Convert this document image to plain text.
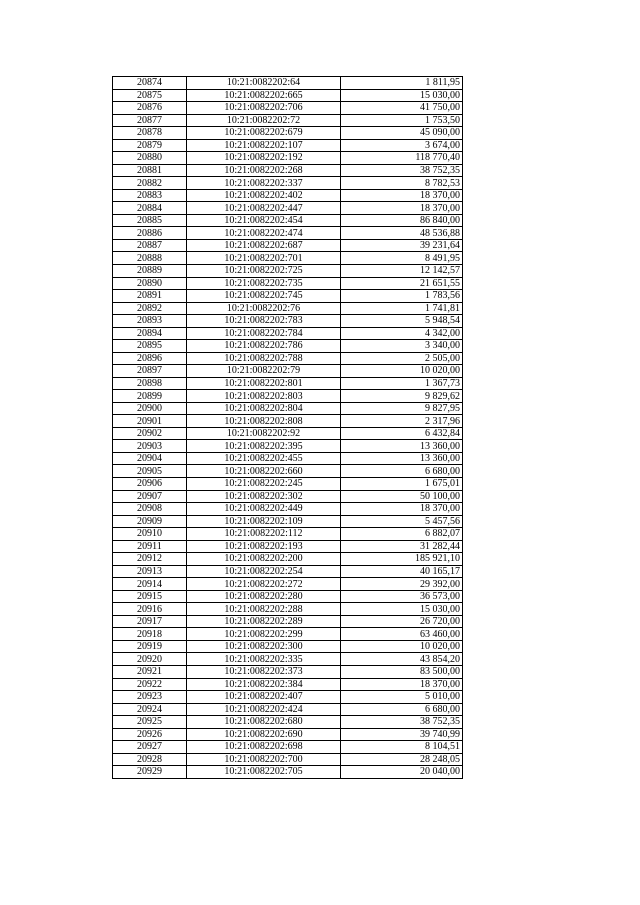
20874	10:21:0082202:64	1 811,95
20875	10:21:0082202:665	15 030,00
20876	10:21:0082202:706	41 750,00
20877	10:21:0082202:72	1 753,50
20878	10:21:0082202:679	45 090,00
20879	10:21:0082202:107	3 674,00
20880	10:21:0082202:192	118 770,40
20881	10:21:0082202:268	38 752,35
20882	10:21:0082202:337	8 782,53
20883	10:21:0082202:402	18 370,00
20884	10:21:0082202:447	18 370,00
20885	10:21:0082202:454	86 840,00
20886	10:21:0082202:474	48 536,88
20887	10:21:0082202:687	39 231,64
20888	10:21:0082202:701	8 491,95
20889	10:21:0082202:725	12 142,57
20890	10:21:0082202:735	21 651,55
20891	10:21:0082202:745	1 783,56
20892	10:21:0082202:76	1 741,81
20893	10:21:0082202:783	5 948,54
20894	10:21:0082202:784	4 342,00
20895	10:21:0082202:786	3 340,00
20896	10:21:0082202:788	2 505,00
20897	10:21:0082202:79	10 020,00
20898	10:21:0082202:801	1 367,73
20899	10:21:0082202:803	9 829,62
20900	10:21:0082202:804	9 827,95
20901	10:21:0082202:808	2 317,96
20902	10:21:0082202:92	6 432,84
20903	10:21:0082202:395	13 360,00
20904	10:21:0082202:455	13 360,00
20905	10:21:0082202:660	6 680,00
20906	10:21:0082202:245	1 675,01
20907	10:21:0082202:302	50 100,00
20908	10:21:0082202:449	18 370,00
20909	10:21:0082202:109	5 457,56
20910	10:21:0082202:112	6 882,07
20911	10:21:0082202:193	31 282,44
20912	10:21:0082202:200	185 921,10
20913	10:21:0082202:254	40 165,17
20914	10:21:0082202:272	29 392,00
20915	10:21:0082202:280	36 573,00
20916	10:21:0082202:288	15 030,00
20917	10:21:0082202:289	26 720,00
20918	10:21:0082202:299	63 460,00
20919	10:21:0082202:300	10 020,00
20920	10:21:0082202:335	43 854,20
20921	10:21:0082202:373	83 500,00
20922	10:21:0082202:384	18 370,00
20923	10:21:0082202:407	5 010,00
20924	10:21:0082202:424	6 680,00
20925	10:21:0082202:680	38 752,35
20926	10:21:0082202:690	39 740,99
20927	10:21:0082202:698	8 104,51
20928	10:21:0082202:700	28 248,05
20929	10:21:0082202:705	20 040,00
